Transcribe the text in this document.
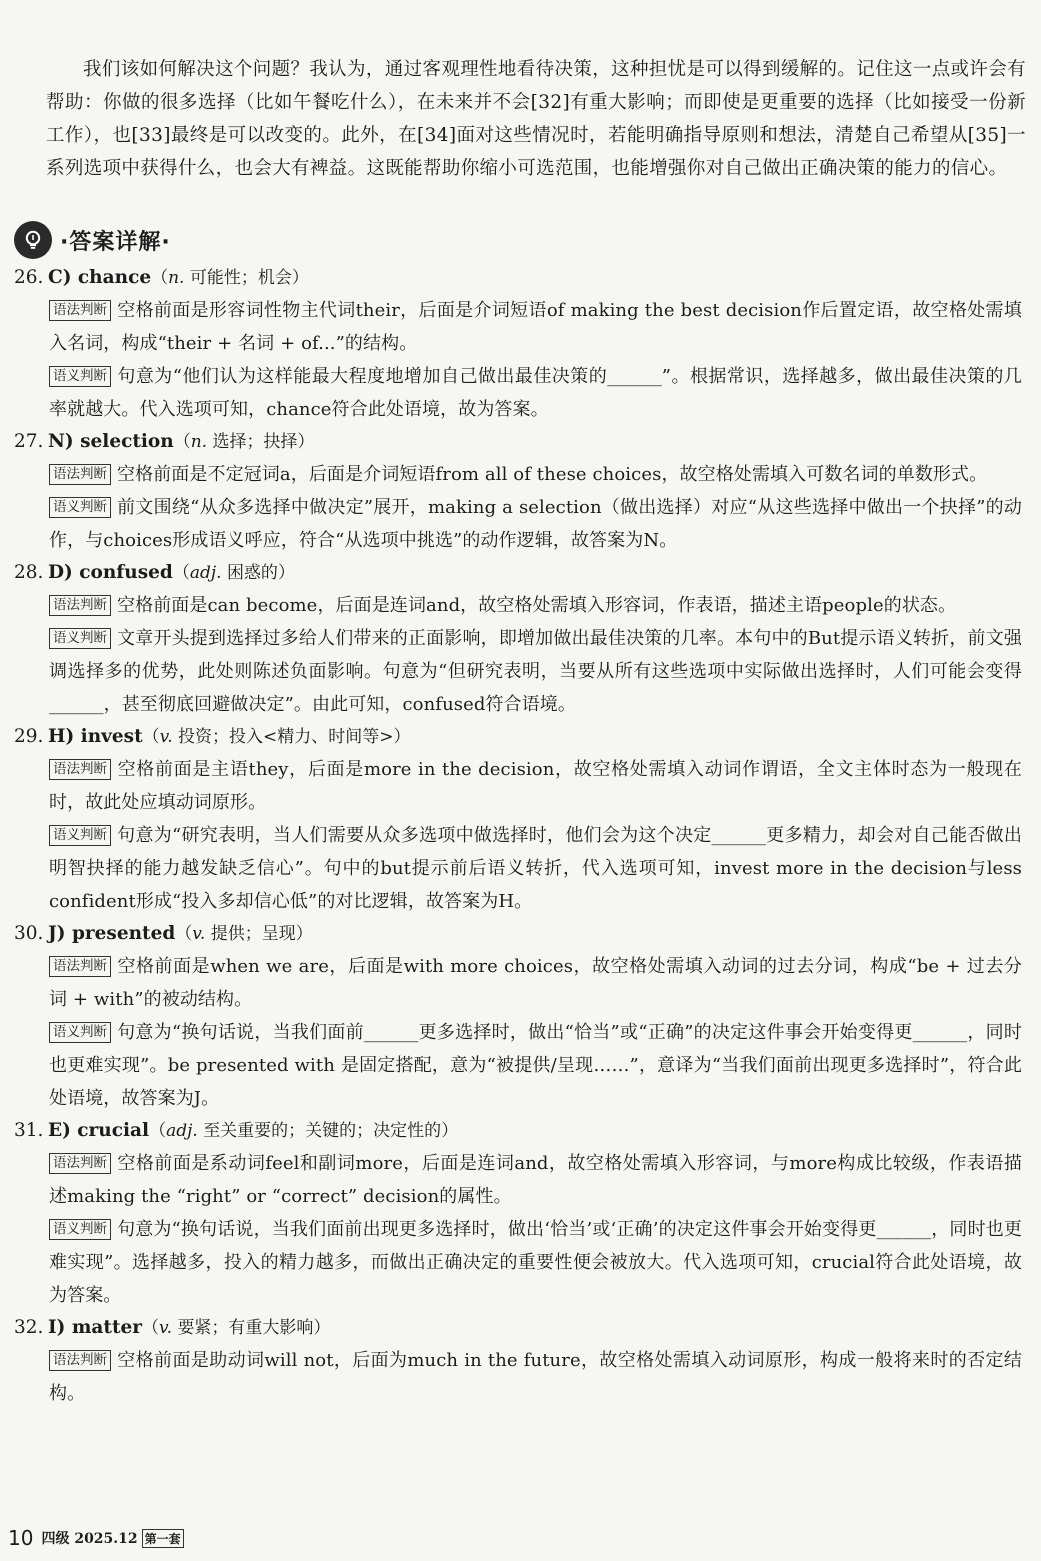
我们该如何解决这个问题？我认为，通过客观理性地看待决策，这种担忧是可以得到缓解的。记住这一点或许会有帮助：你做的很多选择（比如午餐吃什么），在未来并不会[32]有重大影响；而即使是更重要的选择（比如接受一份新工作），也[33]最终是可以改变的。此外，在[34]面对这些情况时，若能明确指导原则和想法，清楚自己希望从[35]一系列选项中获得什么，也会大有裨益。这既能帮助你缩小可选范围，也能增强你对自己做出正确决策的能力的信心。

·答案详解·
26. C) chance（n. 可能性；机会）
语法判断 空格前面是形容词性物主代词their，后面是介词短语of making the best decision作后置定语，故空格处需填入名词，构成“their + 名词 + of...”的结构。
语义判断 句意为“他们认为这样能最大程度地增加自己做出最佳决策的______”。根据常识，选择越多，做出最佳决策的几率就越大。代入选项可知，chance符合此处语境，故为答案。
27. N) selection（n. 选择；抉择）
语法判断 空格前面是不定冠词a，后面是介词短语from all of these choices，故空格处需填入可数名词的单数形式。
语义判断 前文围绕“从众多选择中做决定”展开，making a selection（做出选择）对应“从这些选择中做出一个抉择”的动作，与choices形成语义呼应，符合“从选项中挑选”的动作逻辑，故答案为N。
28. D) confused（adj. 困惑的）
语法判断 空格前面是can become，后面是连词and，故空格处需填入形容词，作表语，描述主语people的状态。
语义判断 文章开头提到选择过多给人们带来的正面影响，即增加做出最佳决策的几率。本句中的But提示语义转折，前文强调选择多的优势，此处则陈述负面影响。句意为“但研究表明，当要从所有这些选项中实际做出选择时，人们可能会变得______，甚至彻底回避做决定”。由此可知，confused符合语境。
29. H) invest（v. 投资；投入<精力、时间等>）
语法判断 空格前面是主语they，后面是more in the decision，故空格处需填入动词作谓语，全文主体时态为一般现在时，故此处应填动词原形。
语义判断 句意为“研究表明，当人们需要从众多选项中做选择时，他们会为这个决定______更多精力，却会对自己能否做出明智抉择的能力越发缺乏信心”。句中的but提示前后语义转折，代入选项可知，invest more in the decision与less confident形成“投入多却信心低”的对比逻辑，故答案为H。
30. J) presented（v. 提供；呈现）
语法判断 空格前面是when we are，后面是with more choices，故空格处需填入动词的过去分词，构成“be + 过去分词 + with”的被动结构。
语义判断 句意为“换句话说，当我们面前______更多选择时，做出“恰当”或“正确”的决定这件事会开始变得更______，同时也更难实现”。be presented with 是固定搭配，意为“被提供/呈现……”，意译为“当我们面前出现更多选择时”，符合此处语境，故答案为J。
31. E) crucial（adj. 至关重要的；关键的；决定性的）
语法判断 空格前面是系动词feel和副词more，后面是连词and，故空格处需填入形容词，与more构成比较级，作表语描述making the “right” or “correct” decision的属性。
语义判断 句意为“换句话说，当我们面前出现更多选择时，做出‘恰当’或‘正确’的决定这件事会开始变得更______，同时也更难实现”。选择越多，投入的精力越多，而做出正确决定的重要性便会被放大。代入选项可知，crucial符合此处语境，故为答案。
32. I) matter（v. 要紧；有重大影响）
语法判断 空格前面是助动词will not，后面为much in the future，故空格处需填入动词原形，构成一般将来时的否定结构。
10 四级 2025.12 第一套
